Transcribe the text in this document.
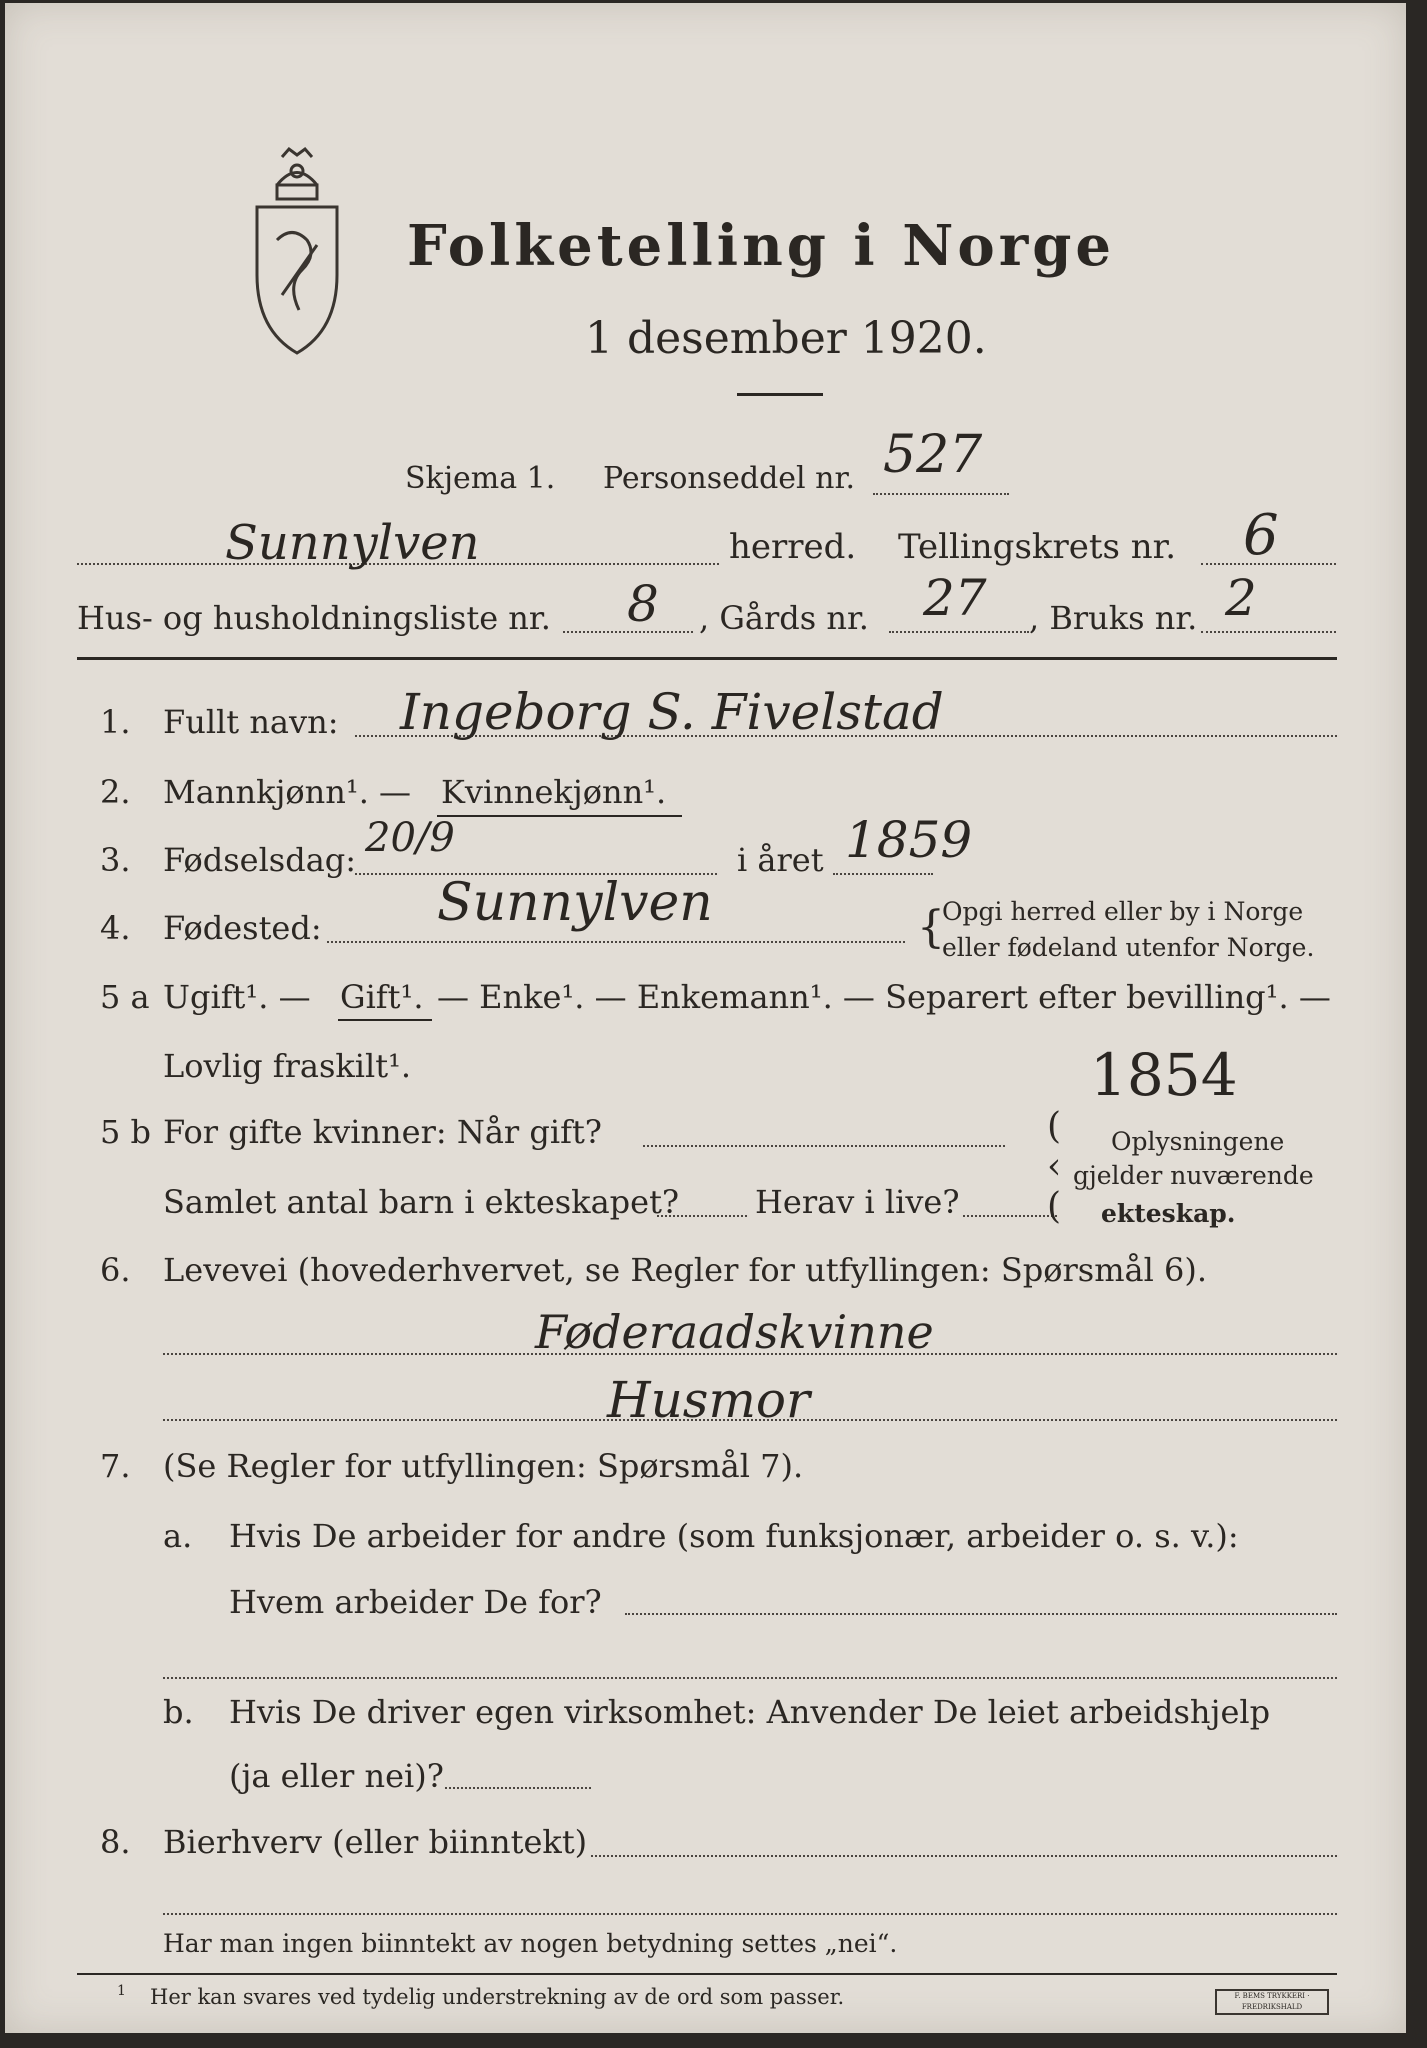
Folketelling i Norge
1 desember 1920.
Skjema 1. Personseddel nr. 527
Sunnylven	herred. Tellingskrets nr. 6
Hus- og husholdningsliste nr. 8 , Gårds nr. 27 , Bruks nr. 2
1. Fullt navn: Ingeborg S. Fivelstad
2. Mannkjønn¹. — Kvinnekjønn¹.
3. Fødselsdag: 20/9	i året 1859
4. Fødested: Sunnylven	{
Opgi herred eller by i Norge
eller fødeland utenfor Norge.
5 a Ugift¹. — Gift¹. — Enke¹. — Enkemann¹. — Separert efter bevilling¹. —
Lovlig fraskilt¹.	1854
5 b For gifte kvinner: Når gift?
Samlet antal barn i ekteskapet? Herav i live?
(
‹
(
Oplysningene
gjelder nuværende
ekteskap.
6. Levevei (hovederhvervet, se Regler for utfyllingen: Spørsmål 6).
Føderaadskvinne
Husmor
7. (Se Regler for utfyllingen: Spørsmål 7).
a. Hvis De arbeider for andre (som funksjonær, arbeider o. s. v.):
Hvem arbeider De for?
b. Hvis De driver egen virksomhet: Anvender De leiet arbeidshjelp
(ja eller nei)?
8. Bierhverv (eller biinntekt)
Har man ingen biinntekt av nogen betydning settes „nei“.
1 Her kan svares ved tydelig understrekning av de ord som passer.	F. BEMS TRYKKERI · FREDRIKSHALD
